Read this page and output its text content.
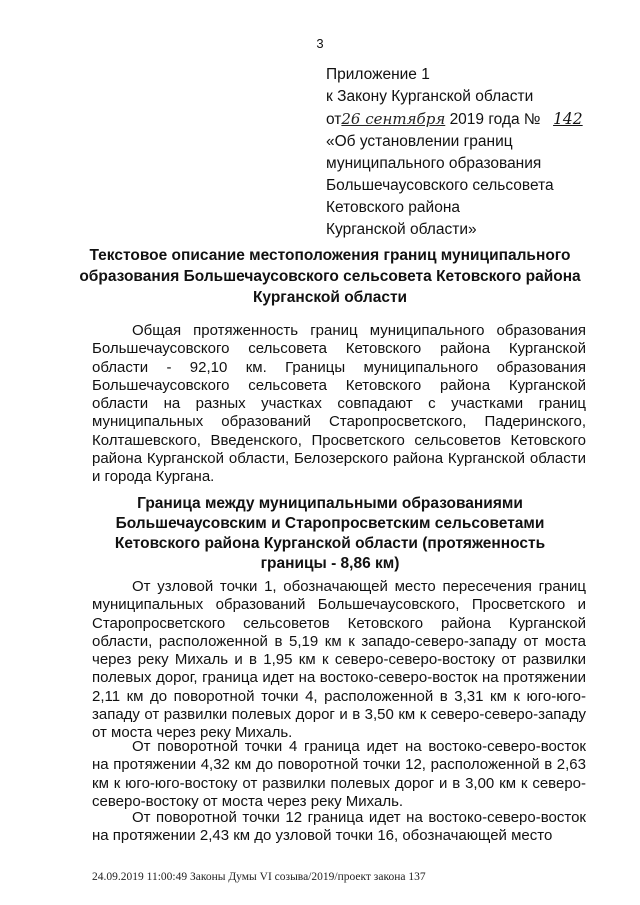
3
Приложение 1
к Закону Курганской области
от26 сентября 2019 года № 142
«Об установлении границ
муниципального образования
Большечаусовского сельсовета
Кетовского района
Курганской области»
Текстовое описание местоположения границ муниципального образования Большечаусовского сельсовета Кетовского района Курганской области
Общая протяженность границ муниципального образования Большечаусовского сельсовета Кетовского района Курганской области - 92,10 км. Границы муниципального образования Большечаусовского сельсовета Кетовского района Курганской области на разных участках совпадают с участками границ муниципальных образований Старопросветского, Падеринского, Колташевского, Введенского, Просветского сельсоветов Кетовского района Курганской области, Белозерского района Курганской области и города Кургана.
Граница между муниципальными образованиями Большечаусовским и Старопросветским сельсоветами Кетовского района Курганской области (протяженность границы - 8,86 км)
От узловой точки 1, обозначающей место пересечения границ муниципальных образований Большечаусовского, Просветского и Старопросветского сельсоветов Кетовского района Курганской области, расположенной в 5,19 км к западо-северо-западу от моста через реку Михаль и в 1,95 км к северо-северо-востоку от развилки полевых дорог, граница идет на востоко-северо-восток на протяжении 2,11 км до поворотной точки 4, расположенной в 3,31 км к юго-юго-западу от развилки полевых дорог и в 3,50 км к северо-северо-западу от моста через реку Михаль.
От поворотной точки 4 граница идет на востоко-северо-восток на протяжении 4,32 км до поворотной точки 12, расположенной в 2,63 км к юго-юго-востоку от развилки полевых дорог и в 3,00 км к северо-северо-востоку от моста через реку Михаль.
От поворотной точки 12 граница идет на востоко-северо-восток на протяжении 2,43 км до узловой точки 16, обозначающей место
24.09.2019 11:00:49 Законы Думы VI созыва/2019/проект закона 137
